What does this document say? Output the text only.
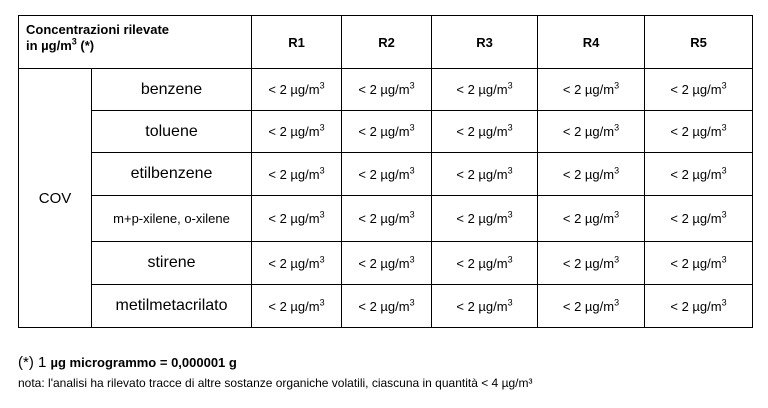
Concentrazioni rilevate
in $\mu g/m^3$ (*)		R1	R2	R3	R4	R5
COV	benzene	< 2 $\mu g/m^3$	< 2 $\mu g/m^3$	< 2 $\mu g/m^3$	< 2 $\mu g/m^3$	< 2 $\mu g/m^3$
	toluene	< 2 $\mu g/m^3$	< 2 $\mu g/m^3$	< 2 $\mu g/m^3$	< 2 $\mu g/m^3$	< 2 $\mu g/m^3$
	etilbenzene	< 2 $\mu g/m^3$	< 2 $\mu g/m^3$	< 2 $\mu g/m^3$	< 2 $\mu g/m^3$	< 2 $\mu g/m^3$
	m+p-xilene, o-xilene	< 2 $\mu g/m^3$	< 2 $\mu g/m^3$	< 2 $\mu g/m^3$	< 2 $\mu g/m^3$	< 2 $\mu g/m^3$
	stirene	< 2 $\mu g/m^3$	< 2 $\mu g/m^3$	< 2 $\mu g/m^3$	< 2 $\mu g/m^3$	< 2 $\mu g/m^3$
	metilmetacrilato	< 2 $\mu g/m^3$	< 2 $\mu g/m^3$	< 2 $\mu g/m^3$	< 2 $\mu g/m^3$	< 2 $\mu g/m^3$
(*) 1 µg microgrammo = 0,000001 g
nota: l'analisi ha rilevato tracce di altre sostanze organiche volatili, ciascuna in quantità < 4 µg/m³
